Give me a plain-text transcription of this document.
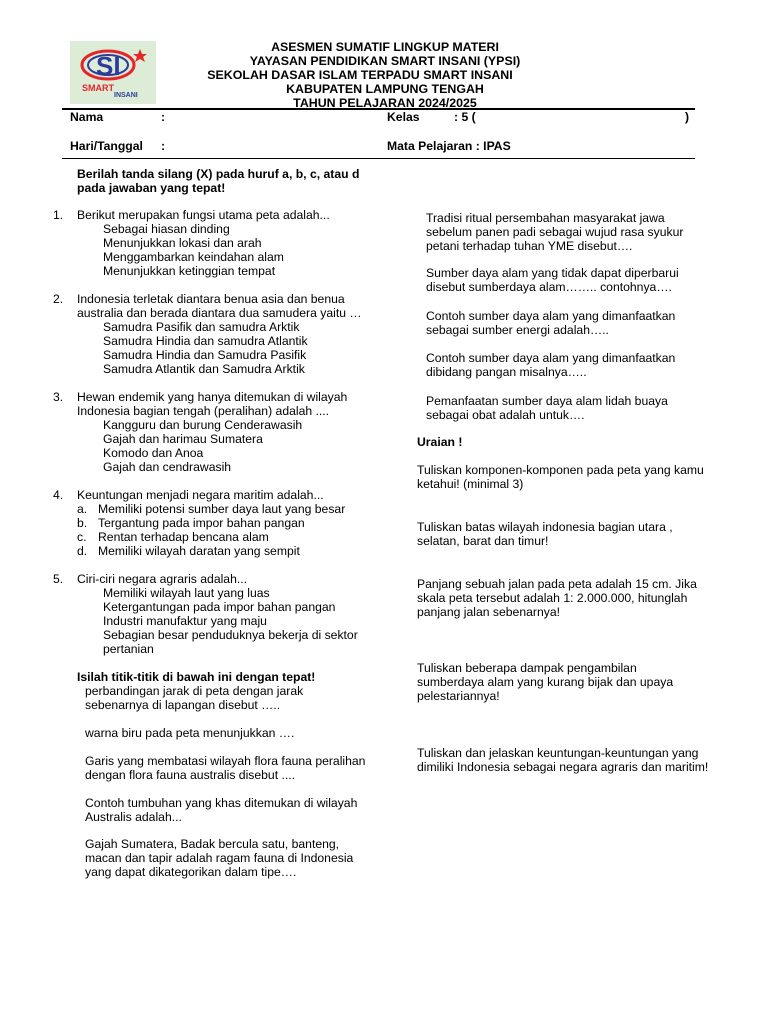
SI
SMART
INSANI
ASESMEN SUMATIF LINGKUP MATERI
YAYASAN PENDIDIKAN SMART INSANI (YPSI)
SEKOLAH DASAR ISLAM TERPADU SMART INSANI
KABUPATEN LAMPUNG TENGAH
TAHUN PELAJARAN 2024/2025
Nama	:	Kelas	: 5 (	)
Hari/Tanggal :	Mata Pelajaran : IPAS
Berilah tanda silang (X) pada huruf a, b, c, atau d
pada jawaban yang tepat!
1. Berikut merupakan fungsi utama peta adalah...
Sebagai hiasan dinding
Menunjukkan lokasi dan arah
Menggambarkan keindahan alam
Menunjukkan ketinggian tempat
2. Indonesia terletak diantara benua asia dan benua
australia dan berada diantara dua samudera yaitu …
Samudra Pasifik dan samudra Arktik
Samudra Hindia dan samudra Atlantik
Samudra Hindia dan Samudra Pasifik
Samudra Atlantik dan Samudra Arktik
3. Hewan endemik yang hanya ditemukan di wilayah
Indonesia bagian tengah (peralihan) adalah ....
Kangguru dan burung Cenderawasih
Gajah dan harimau Sumatera
Komodo dan Anoa
Gajah dan cendrawasih
4. Keuntungan menjadi negara maritim adalah...
a.
b.
c.
d.
Memiliki potensi sumber daya laut yang besar
Tergantung pada impor bahan pangan
Rentan terhadap bencana alam
Memiliki wilayah daratan yang sempit
5. Ciri-ciri negara agraris adalah...
Memiliki wilayah laut yang luas
Ketergantungan pada impor bahan pangan
Industri manufaktur yang maju
Sebagian besar penduduknya bekerja di sektor
pertanian
Isilah titik-titik di bawah ini dengan tepat!
perbandingan jarak di peta dengan jarak
sebenarnya di lapangan disebut …..
warna biru pada peta menunjukkan ….
Garis yang membatasi wilayah flora fauna peralihan
dengan flora fauna australis disebut ....
Contoh tumbuhan yang khas ditemukan di wilayah
Australis adalah...
Gajah Sumatera, Badak bercula satu, banteng,
macan dan tapir adalah ragam fauna di Indonesia
yang dapat dikategorikan dalam tipe….
Tradisi ritual persembahan masyarakat jawa
sebelum panen padi sebagai wujud rasa syukur
petani terhadap tuhan YME disebut….
Sumber daya alam yang tidak dapat diperbarui
disebut sumberdaya alam…….. contohnya….
Contoh sumber daya alam yang dimanfaatkan
sebagai sumber energi adalah…..
Contoh sumber daya alam yang dimanfaatkan
dibidang pangan misalnya…..
Pemanfaatan sumber daya alam lidah buaya
sebagai obat adalah untuk….
Uraian !
Tuliskan komponen-komponen pada peta yang kamu
ketahui! (minimal 3)
Tuliskan batas wilayah indonesia bagian utara ,
selatan, barat dan timur!
Panjang sebuah jalan pada peta adalah 15 cm. Jika
skala peta tersebut adalah 1: 2.000.000, hitunglah
panjang jalan sebenarnya!
Tuliskan beberapa dampak pengambilan
sumberdaya alam yang kurang bijak dan upaya
pelestariannya!
Tuliskan dan jelaskan keuntungan-keuntungan yang
dimiliki Indonesia sebagai negara agraris dan maritim!
